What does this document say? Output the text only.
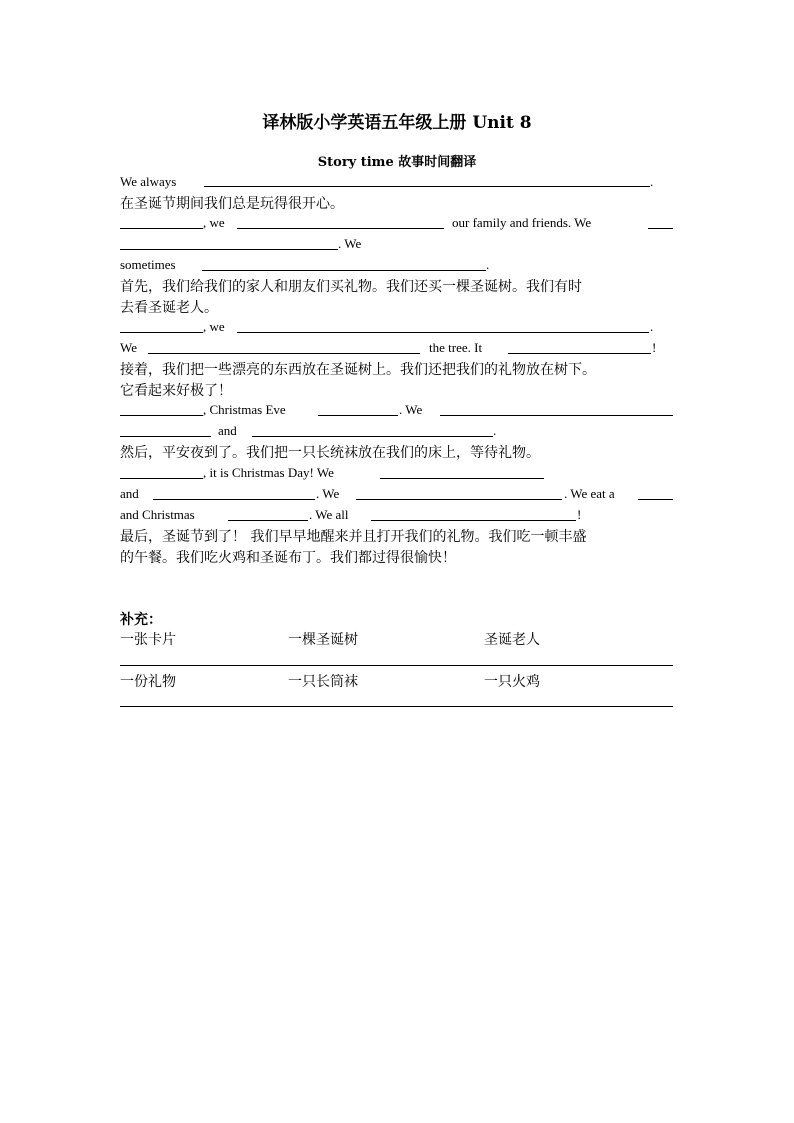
译林版小学英语五年级上册 Unit 8
Story time 故事时间翻译
We always	.
在圣诞节期间我们总是玩得很开心。
, we	our family and friends. We
. We
sometimes	.
首先，我们给我们的家人和朋友们买礼物。我们还买一棵圣诞树。我们有时
去看圣诞老人。
, we	.
We	the tree. It	!
接着，我们把一些漂亮的东西放在圣诞树上。我们还把我们的礼物放在树下。
它看起来好极了！
, Christmas Eve	. We
and	.
然后，平安夜到了。我们把一只长统袜放在我们的床上，等待礼物。
, it is Christmas Day! We
and	. We	. We eat a
and Christmas	. We all	!
最后，圣诞节到了！ 我们早早地醒来并且打开我们的礼物。我们吃一顿丰盛
的午餐。我们吃火鸡和圣诞布丁。我们都过得很愉快！
补充：
一张卡片	一棵圣诞树	圣诞老人
一份礼物	一只长筒袜	一只火鸡
